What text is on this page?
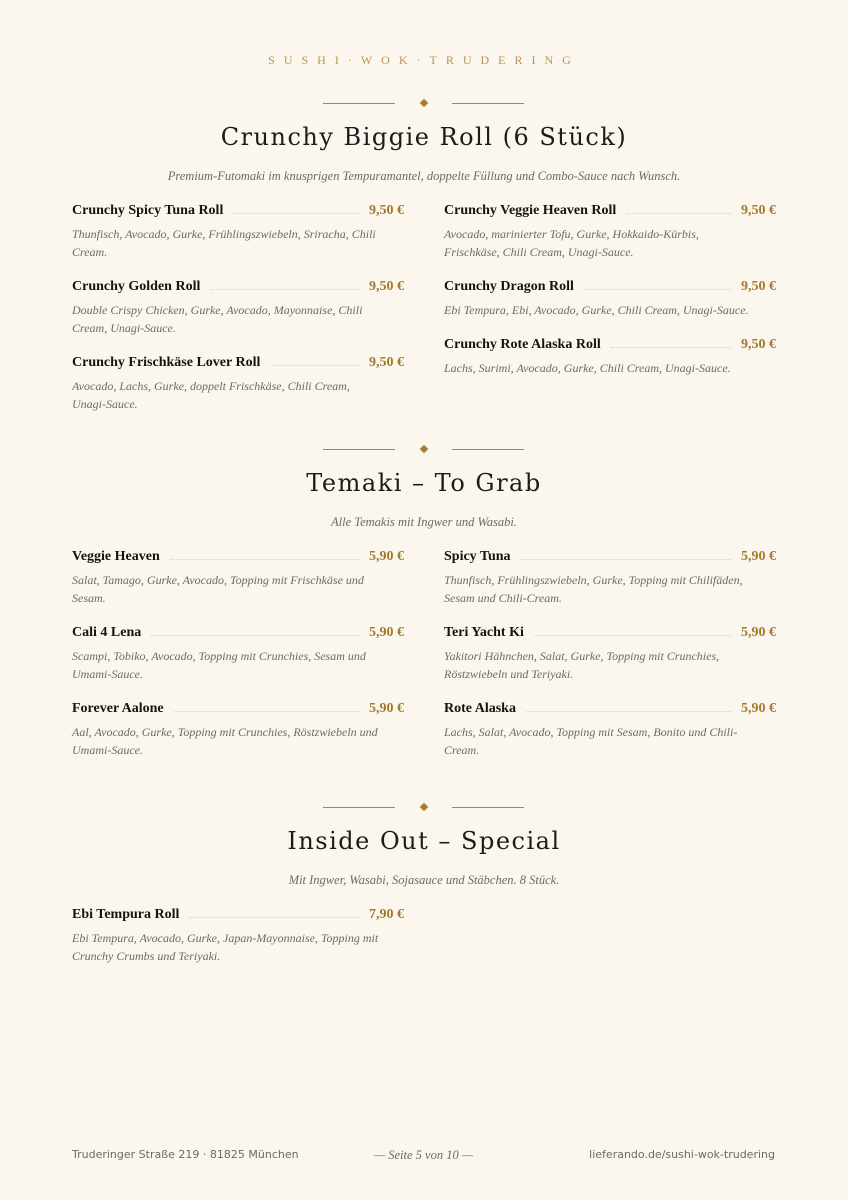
SUSHI·WOK·TRUDERING
Crunchy Biggie Roll (6 Stück)
Premium-Futomaki im knusprigen Tempuramantel, doppelte Füllung und Combo-Sauce nach Wunsch.
Crunchy Spicy Tuna Roll	9,50 €
Thunfisch, Avocado, Gurke, Frühlingszwiebeln, Sriracha, Chili Cream.
Crunchy Golden Roll	9,50 €
Double Crispy Chicken, Gurke, Avocado, Mayonnaise, Chili Cream, Unagi-Sauce.
Crunchy Frischkäse Lover Roll	9,50 €
Avocado, Lachs, Gurke, doppelt Frischkäse, Chili Cream, Unagi-Sauce.
Crunchy Veggie Heaven Roll	9,50 €
Avocado, marinierter Tofu, Gurke, Hokkaido-Kürbis, Frischkäse, Chili Cream, Unagi-Sauce.
Crunchy Dragon Roll	9,50 €
Ebi Tempura, Ebi, Avocado, Gurke, Chili Cream, Unagi-Sauce.
Crunchy Rote Alaska Roll	9,50 €
Lachs, Surimi, Avocado, Gurke, Chili Cream, Unagi-Sauce.
Temaki – To Grab
Alle Temakis mit Ingwer und Wasabi.
Veggie Heaven	5,90 €
Salat, Tamago, Gurke, Avocado, Topping mit Frischkäse und Sesam.
Cali 4 Lena	5,90 €
Scampi, Tobiko, Avocado, Topping mit Crunchies, Sesam und Umami-Sauce.
Forever Aalone	5,90 €
Aal, Avocado, Gurke, Topping mit Crunchies, Röstzwiebeln und Umami-Sauce.
Spicy Tuna	5,90 €
Thunfisch, Frühlingszwiebeln, Gurke, Topping mit Chilifäden, Sesam und Chili-Cream.
Teri Yacht Ki	5,90 €
Yakitori Hähnchen, Salat, Gurke, Topping mit Crunchies, Röstzwiebeln und Teriyaki.
Rote Alaska	5,90 €
Lachs, Salat, Avocado, Topping mit Sesam, Bonito und Chili-Cream.
Inside Out – Special
Mit Ingwer, Wasabi, Sojasauce und Stäbchen. 8 Stück.
Ebi Tempura Roll	7,90 €
Ebi Tempura, Avocado, Gurke, Japan-Mayonnaise, Topping mit Crunchy Crumbs und Teriyaki.
Truderinger Straße 219 · 81825 München	— Seite 5 von 10 —	lieferando.de/sushi-wok-trudering
